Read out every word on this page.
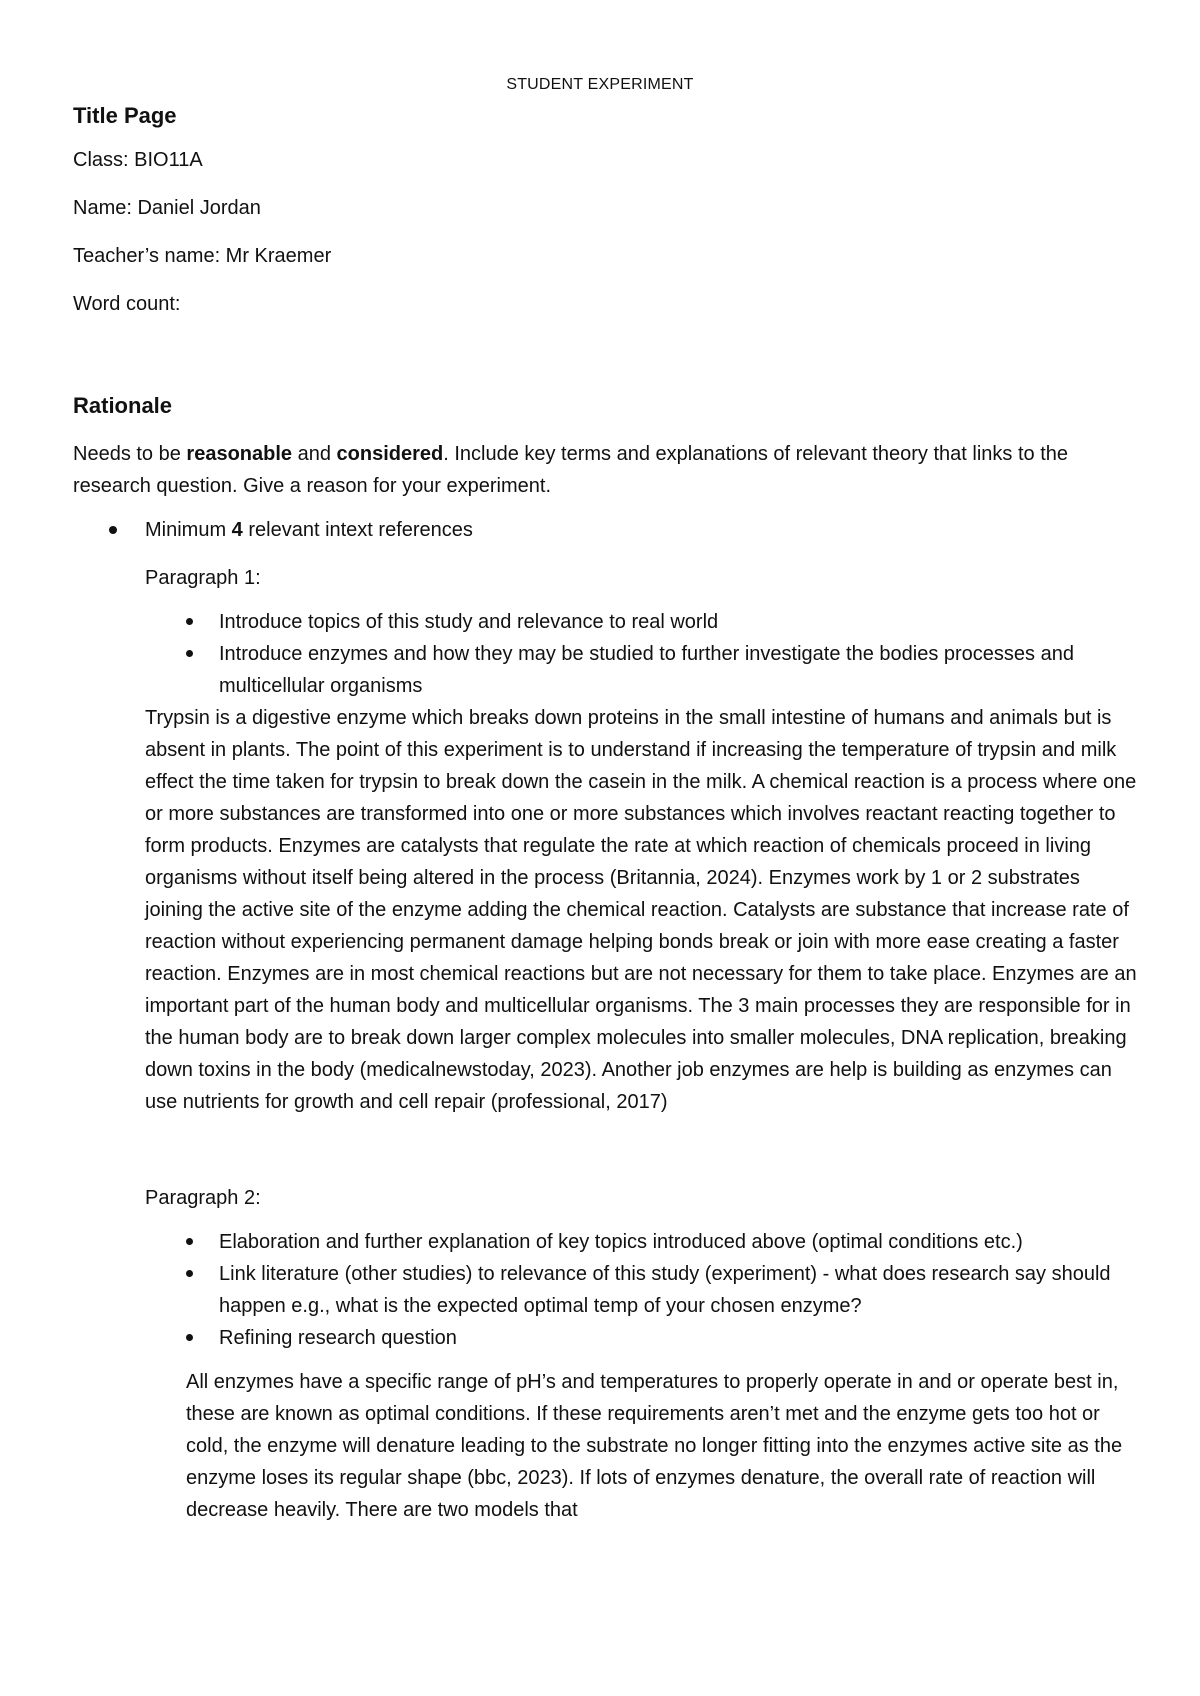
STUDENT EXPERIMENT
Title Page

Class: BIO11A

Name: Daniel Jordan

Teacher’s name: Mr Kraemer

Word count:

Rationale

Needs to be reasonable and considered. Include key terms and explanations of relevant theory that links to the research question. Give a reason for your experiment.

Minimum 4 relevant intext references

Paragraph 1:

Introduce topics of this study and relevance to real world
Introduce enzymes and how they may be studied to further investigate the bodies processes and multicellular organisms

Trypsin is a digestive enzyme which breaks down proteins in the small intestine of humans and animals but is absent in plants. The point of this experiment is to understand if increasing the temperature of trypsin and milk effect the time taken for trypsin to break down the casein in the milk. A chemical reaction is a process where one or more substances are transformed into one or more substances which involves reactant reacting together to form products. Enzymes are catalysts that regulate the rate at which reaction of chemicals proceed in living organisms without itself being altered in the process (Britannia, 2024). Enzymes work by 1 or 2 substrates joining the active site of the enzyme adding the chemical reaction. Catalysts are substance that increase rate of reaction without experiencing permanent damage helping bonds break or join with more ease creating a faster reaction. Enzymes are in most chemical reactions but are not necessary for them to take place. Enzymes are an important part of the human body and multicellular organisms. The 3 main processes they are responsible for in the human body are to break down larger complex molecules into smaller molecules, DNA replication, breaking down toxins in the body (medicalnewstoday, 2023). Another job enzymes are help is building as enzymes can use nutrients for growth and cell repair (professional, 2017)

Paragraph 2:

Elaboration and further explanation of key topics introduced above (optimal conditions etc.)
Link literature (other studies) to relevance of this study (experiment) - what does research say should happen e.g., what is the expected optimal temp of your chosen enzyme?
Refining research question

All enzymes have a specific range of pH’s and temperatures to properly operate in and or operate best in, these are known as optimal conditions. If these requirements aren’t met and the enzyme gets too hot or cold, the enzyme will denature leading to the substrate no longer fitting into the enzymes active site as the enzyme loses its regular shape (bbc, 2023). If lots of enzymes denature, the overall rate of reaction will decrease heavily. There are two models that
